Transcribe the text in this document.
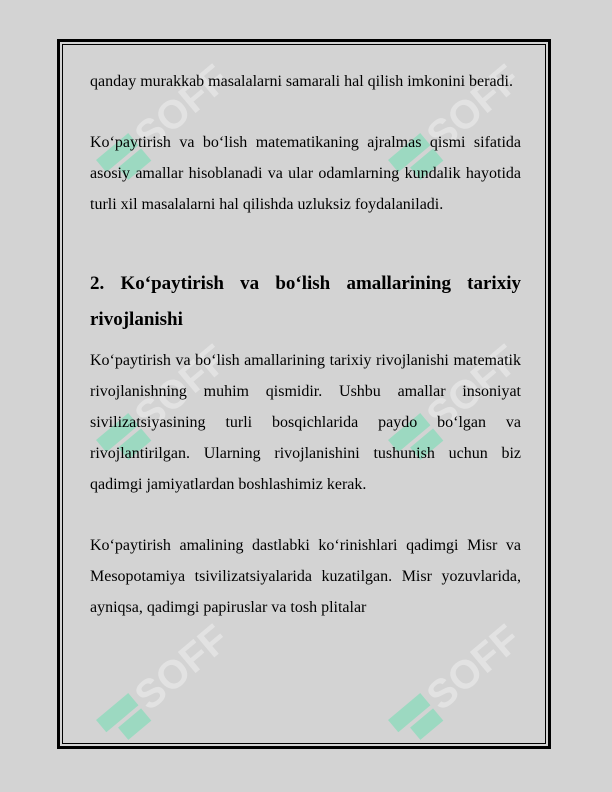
SOFF	SOFF
SOFF	SOFF
SOFF	SOFF

qanday murakkab masalalarni samarali hal qilish imkonini beradi.

Ko‘paytirish va bo‘lish matematikaning ajralmas qismi sifatida asosiy amallar hisoblanadi va ular odamlarning kundalik hayotida turli xil masalalarni hal qilishda uzluksiz foydalaniladi.

2. Ko‘paytirish va bo‘lish amallarining tarixiy rivojlanishi

Ko‘paytirish va bo‘lish amallarining tarixiy rivojlanishi matematik rivojlanishning muhim qismidir. Ushbu amallar insoniyat sivilizatsiyasining turli bosqichlarida paydo bo‘lgan va rivojlantirilgan. Ularning rivojlanishini tushunish uchun biz qadimgi jamiyatlardan boshlashimiz kerak.

Ko‘paytirish amalining dastlabki ko‘rinishlari qadimgi Misr va Mesopotamiya tsivilizatsiyalarida kuzatilgan. Misr yozuvlarida, ayniqsa, qadimgi papiruslar va tosh plitalar
